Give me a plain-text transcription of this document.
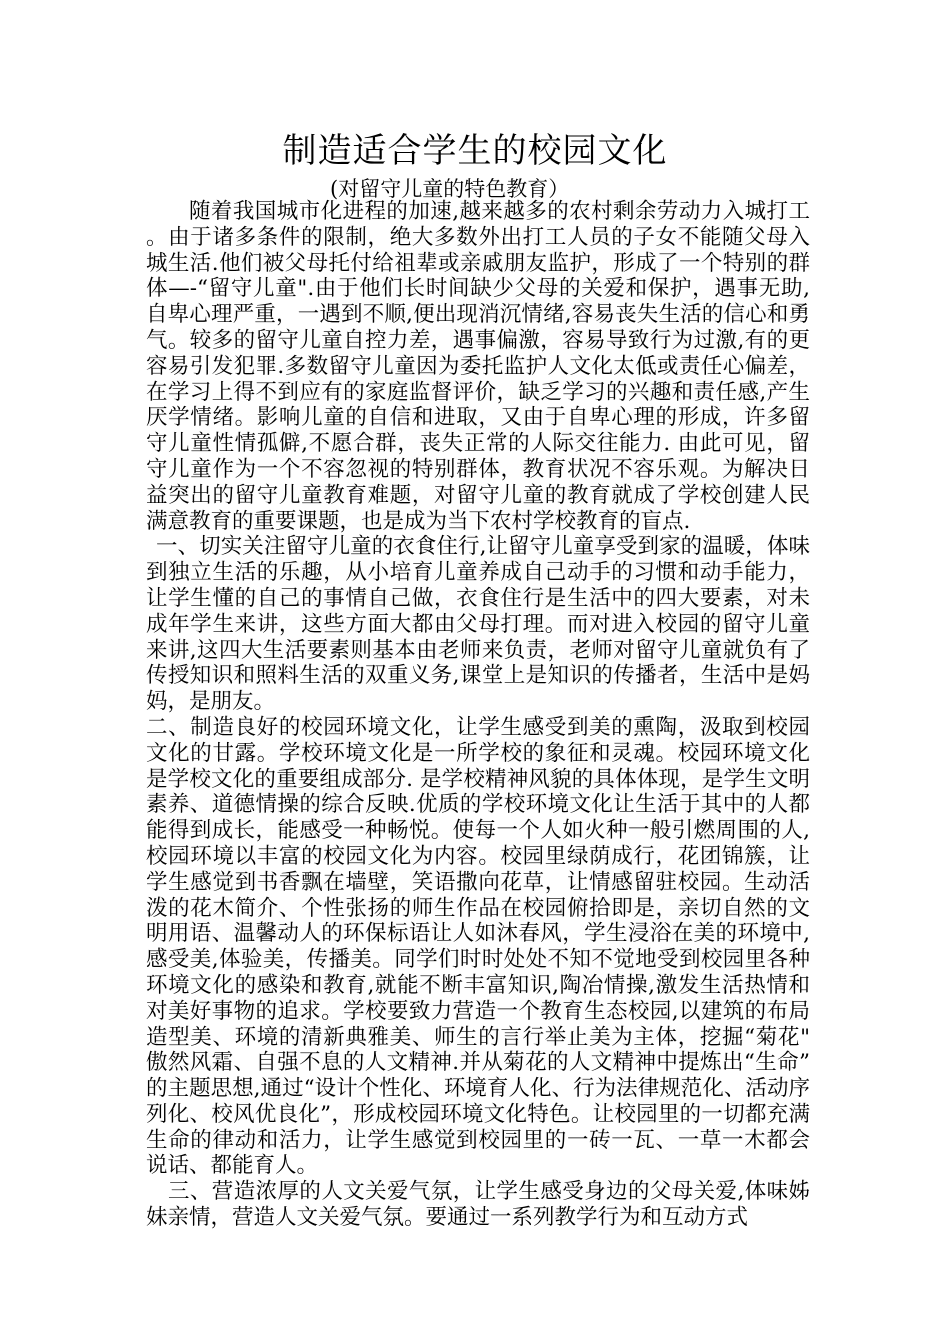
制造适合学生的校园文化
(对留守儿童的特色教育）

随着我国城市化进程的加速,越来越多的农村剩余劳动力入城打工。由于诸多条件的限制，绝大多数外出打工人员的子女不能随父母入城生活.他们被父母托付给祖辈或亲戚朋友监护，形成了一个特别的群体—-“留守儿童".由于他们长时间缺少父母的关爱和保护，遇事无助,自卑心理严重，一遇到不顺,便出现消沉情绪,容易丧失生活的信心和勇气。较多的留守儿童自控力差，遇事偏激，容易导致行为过激,有的更容易引发犯罪.多数留守儿童因为委托监护人文化太低或责任心偏差，在学习上得不到应有的家庭监督评价，缺乏学习的兴趣和责任感,产生厌学情绪。影响儿童的自信和进取，又由于自卑心理的形成，许多留守儿童性情孤僻,不愿合群，丧失正常的人际交往能力. 由此可见，留守儿童作为一个不容忽视的特别群体，教育状况不容乐观。为解决日益突出的留守儿童教育难题，对留守儿童的教育就成了学校创建人民满意教育的重要课题，也是成为当下农村学校教育的盲点.

一、切实关注留守儿童的衣食住行,让留守儿童享受到家的温暖，体味到独立生活的乐趣，从小培育儿童养成自己动手的习惯和动手能力，让学生懂的自己的事情自己做，衣食住行是生活中的四大要素，对未成年学生来讲，这些方面大都由父母打理。而对进入校园的留守儿童来讲,这四大生活要素则基本由老师来负责，老师对留守儿童就负有了传授知识和照料生活的双重义务,课堂上是知识的传播者，生活中是妈妈，是朋友。

二、制造良好的校园环境文化，让学生感受到美的熏陶，汲取到校园文化的甘露。学校环境文化是一所学校的象征和灵魂。校园环境文化是学校文化的重要组成部分. 是学校精神风貌的具体体现，是学生文明素养、道德情操的综合反映.优质的学校环境文化让生活于其中的人都能得到成长，能感受一种畅悦。使每一个人如火种一般引燃周围的人,校园环境以丰富的校园文化为内容。校园里绿荫成行，花团锦簇，让学生感觉到书香飘在墙壁，笑语撒向花草，让情感留驻校园。生动活泼的花木简介、个性张扬的师生作品在校园俯拾即是，亲切自然的文明用语、温馨动人的环保标语让人如沐春风，学生浸浴在美的环境中,感受美,体验美，传播美。同学们时时处处不知不觉地受到校园里各种环境文化的感染和教育,就能不断丰富知识,陶冶情操,激发生活热情和对美好事物的追求。学校要致力营造一个教育生态校园,以建筑的布局造型美、环境的清新典雅美、师生的言行举止美为主体，挖掘“菊花"傲然风霜、自强不息的人文精神.并从菊花的人文精神中提炼出“生命”的主题思想,通过“设计个性化、环境育人化、行为法律规范化、活动序列化、校风优良化”，形成校园环境文化特色。让校园里的一切都充满生命的律动和活力，让学生感觉到校园里的一砖一瓦、一草一木都会说话、都能育人。

三、营造浓厚的人文关爱气氛，让学生感受身边的父母关爱,体味姊妹亲情，营造人文关爱气氛。要通过一系列教学行为和互动方式
